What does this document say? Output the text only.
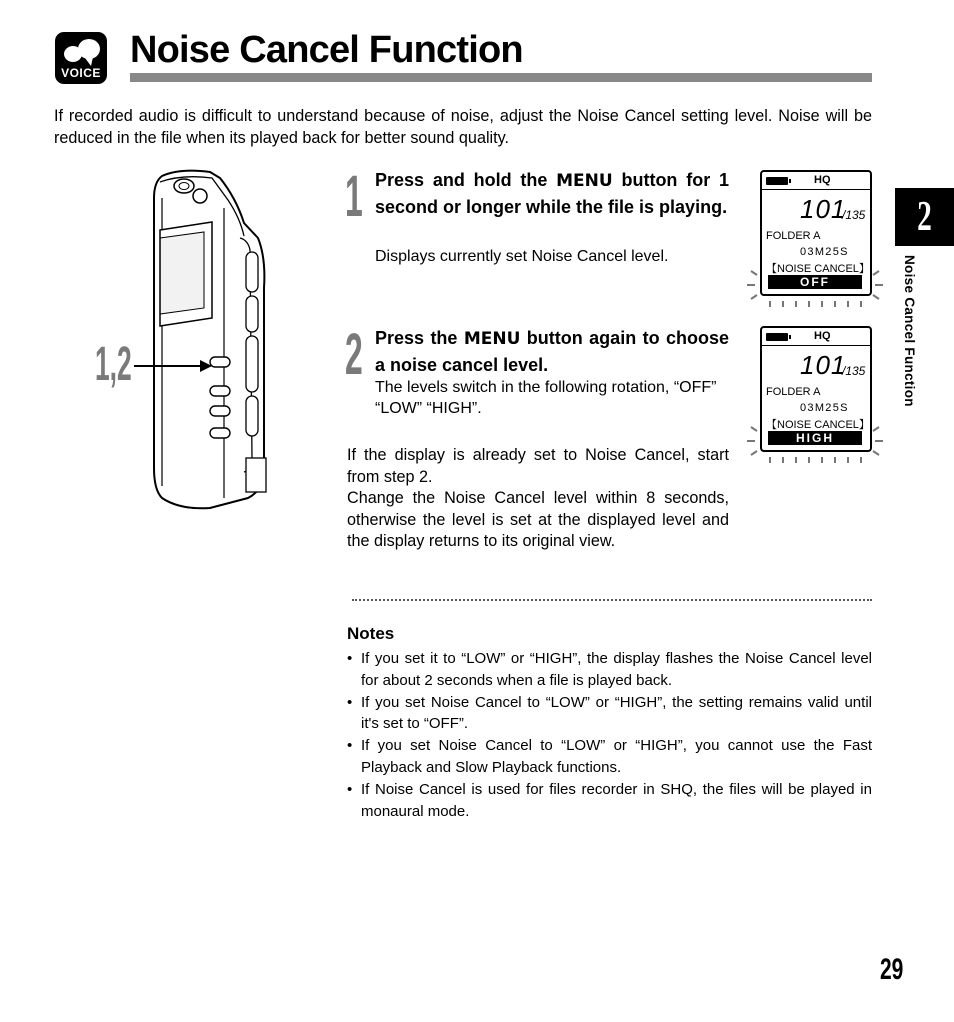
VOICE
Noise Cancel Function
If recorded audio is difficult to understand because of noise, adjust the Noise Cancel setting level. Noise will be reduced in the file when its played back for better sound quality.
1,2
1 Press and hold the MENU button for 1 second or longer while the file is playing.
Displays currently set Noise Cancel level.
2 Press the MENU button again to choose a noise cancel level.
The levels switch in the following rotation, “OFF” “LOW” “HIGH”.
HQ
101
/135
FOLDER A
03M25S
【NOISE CANCEL】
OFF
HQ
101
/135
FOLDER A
03M25S
【NOISE CANCEL】
HIGH
If the display is already set to Noise Cancel, start from step 2.
Change the Noise Cancel level within 8 seconds, otherwise the level is set at the displayed level and the display returns to its original view.
Notes
• If you set it to “LOW” or “HIGH”, the display flashes the Noise Cancel level for about 2 seconds when a file is played back.
• If you set Noise Cancel to “LOW” or “HIGH”, the setting remains valid until it's set to “OFF”.
• If you set Noise Cancel to “LOW” or “HIGH”, you cannot use the Fast Playback and Slow Playback functions.
• If Noise Cancel is used for files recorder in SHQ, the files will be played in monaural mode.
2
Noise Cancel Function
29
